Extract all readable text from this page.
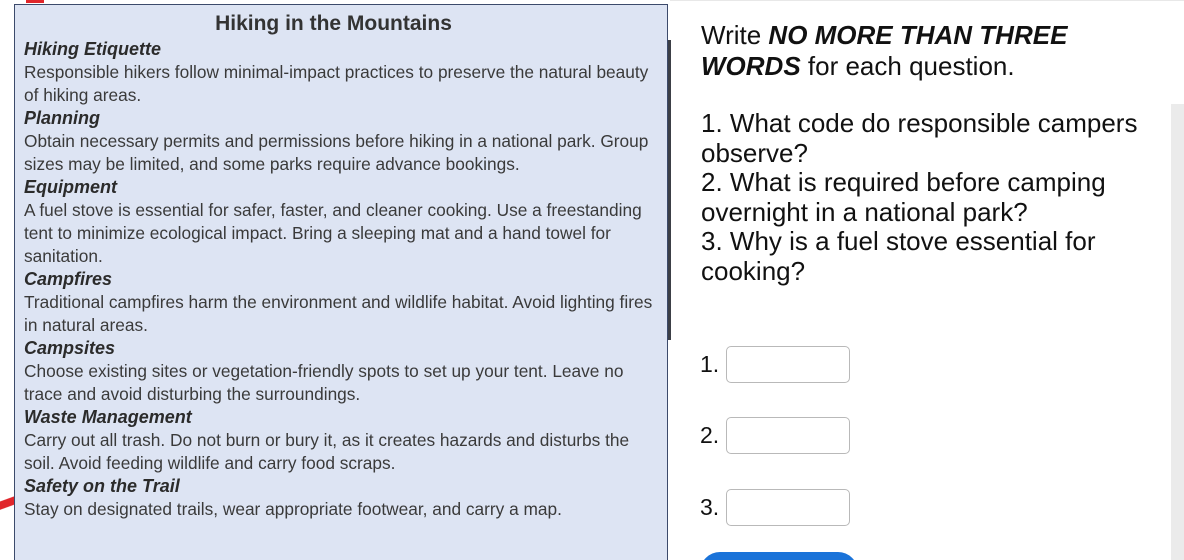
Hiking in the Mountains
Hiking Etiquette
Responsible hikers follow minimal-impact practices to preserve the natural beauty of hiking areas.
Planning
Obtain necessary permits and permissions before hiking in a national park. Group sizes may be limited, and some parks require advance bookings.
Equipment
A fuel stove is essential for safer, faster, and cleaner cooking. Use a freestanding tent to minimize ecological impact. Bring a sleeping mat and a hand towel for sanitation.
Campfires
Traditional campfires harm the environment and wildlife habitat. Avoid lighting fires in natural areas.
Campsites
Choose existing sites or vegetation-friendly spots to set up your tent. Leave no trace and avoid disturbing the surroundings.
Waste Management
Carry out all trash. Do not burn or bury it, as it creates hazards and disturbs the soil. Avoid feeding wildlife and carry food scraps.
Safety on the Trail
Stay on designated trails, wear appropriate footwear, and carry a map.

Write NO MORE THAN THREE WORDS for each question.

1. What code do responsible campers observe?
2. What is required before camping overnight in a national park?
3. Why is a fuel stove essential for cooking?
1.
2.
3.
